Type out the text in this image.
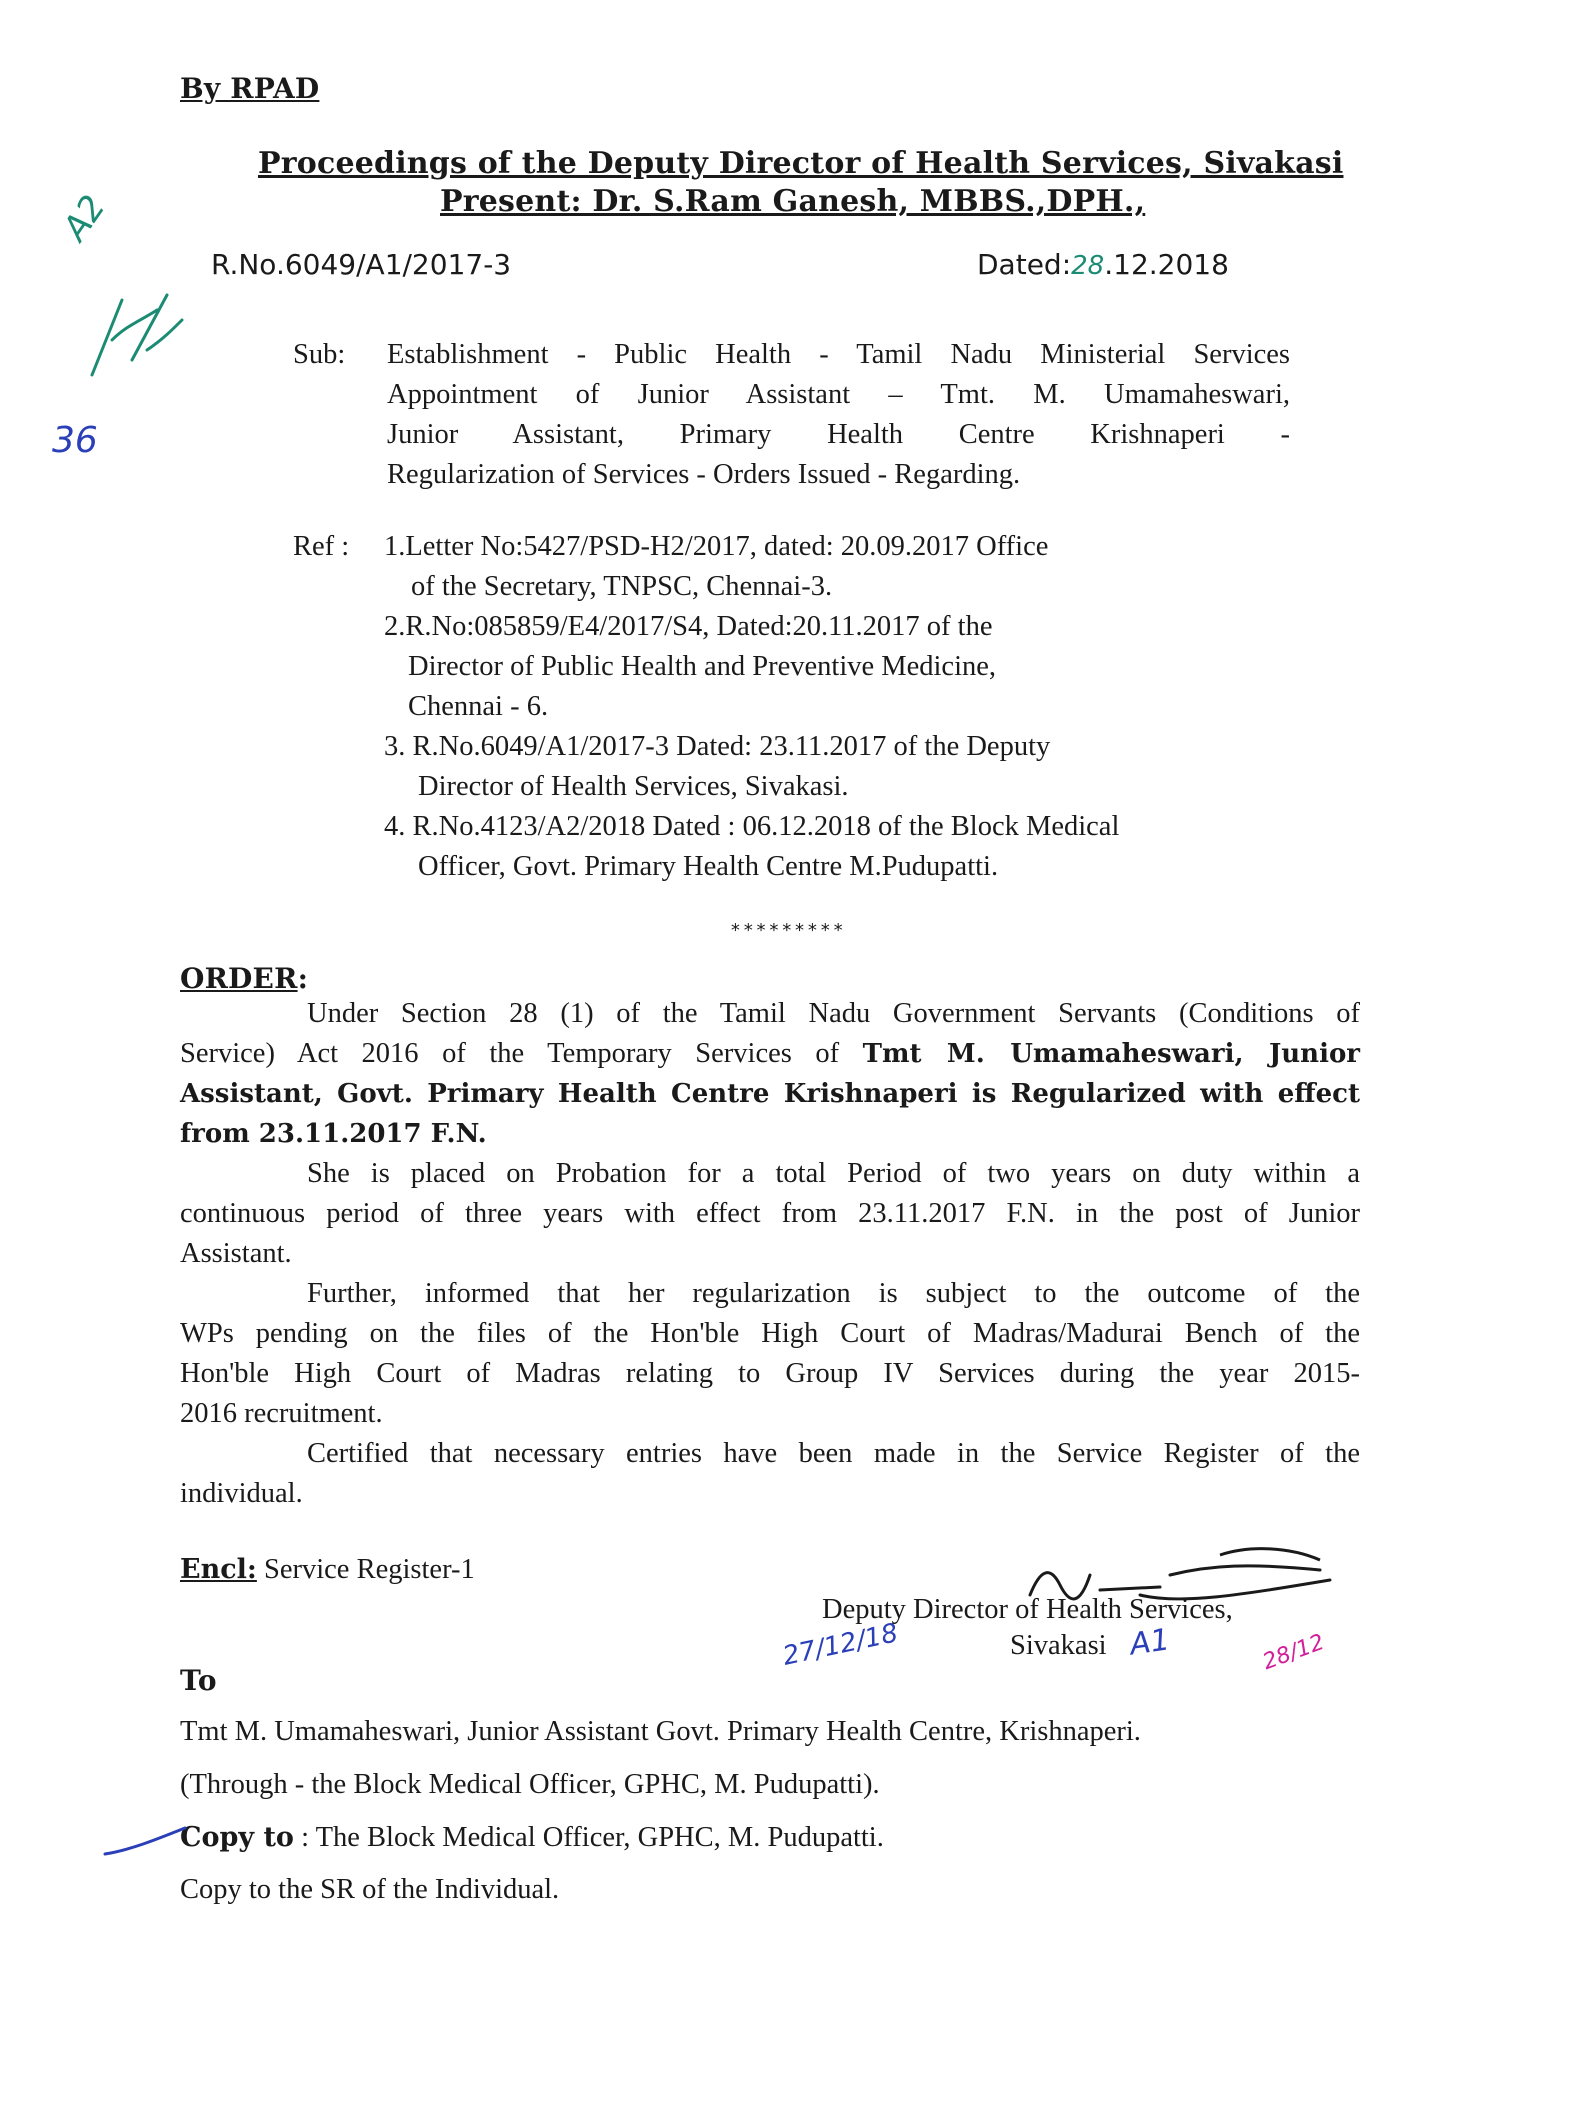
By RPAD
Proceedings of the Deputy Director of Health Services, Sivakasi
Present: Dr. S.Ram Ganesh, MBBS.,DPH.,
R.No.6049/A1/2017-3	Dated:28.12.2018
Sub: Establishment - Public Health - Tamil Nadu Ministerial Services
Appointment of Junior Assistant – Tmt. M. Umamaheswari,
Junior Assistant, Primary Health Centre Krishnaperi -
Regularization of Services - Orders Issued - Regarding.
Ref : 1.Letter No:5427/PSD-H2/2017, dated: 20.09.2017 Office
of the Secretary, TNPSC, Chennai-3.
2.R.No:085859/E4/2017/S4, Dated:20.11.2017 of the
Director of Public Health and Preventive Medicine,
Chennai - 6.
3. R.No.6049/A1/2017-3 Dated: 23.11.2017 of the Deputy
Director of Health Services, Sivakasi.
4. R.No.4123/A2/2018 Dated : 06.12.2018 of the Block Medical
Officer, Govt. Primary Health Centre M.Pudupatti.
*********
ORDER:
Under Section 28 (1) of the Tamil Nadu Government Servants (Conditions of
Service) Act 2016 of the Temporary Services of Tmt M. Umamaheswari, Junior
Assistant, Govt. Primary Health Centre Krishnaperi is Regularized with effect
from 23.11.2017 F.N.
She is placed on Probation for a total Period of two years on duty within a
continuous period of three years with effect from 23.11.2017 F.N. in the post of Junior
Assistant.
Further, informed that her regularization is subject to the outcome of the
WPs pending on the files of the Hon'ble High Court of Madras/Madurai Bench of the
Hon'ble High Court of Madras relating to Group IV Services during the year 2015-
2016 recruitment.
Certified that necessary entries have been made in the Service Register of the
individual.
Encl: Service Register-1
Deputy Director of Health Services,
Sivakasi
27/12/18	A1	28/12
To
Tmt M. Umamaheswari, Junior Assistant Govt. Primary Health Centre, Krishnaperi.
(Through - the Block Medical Officer, GPHC, M. Pudupatti).
Copy to : The Block Medical Officer, GPHC, M. Pudupatti.
Copy to the SR of the Individual.
A2
36
